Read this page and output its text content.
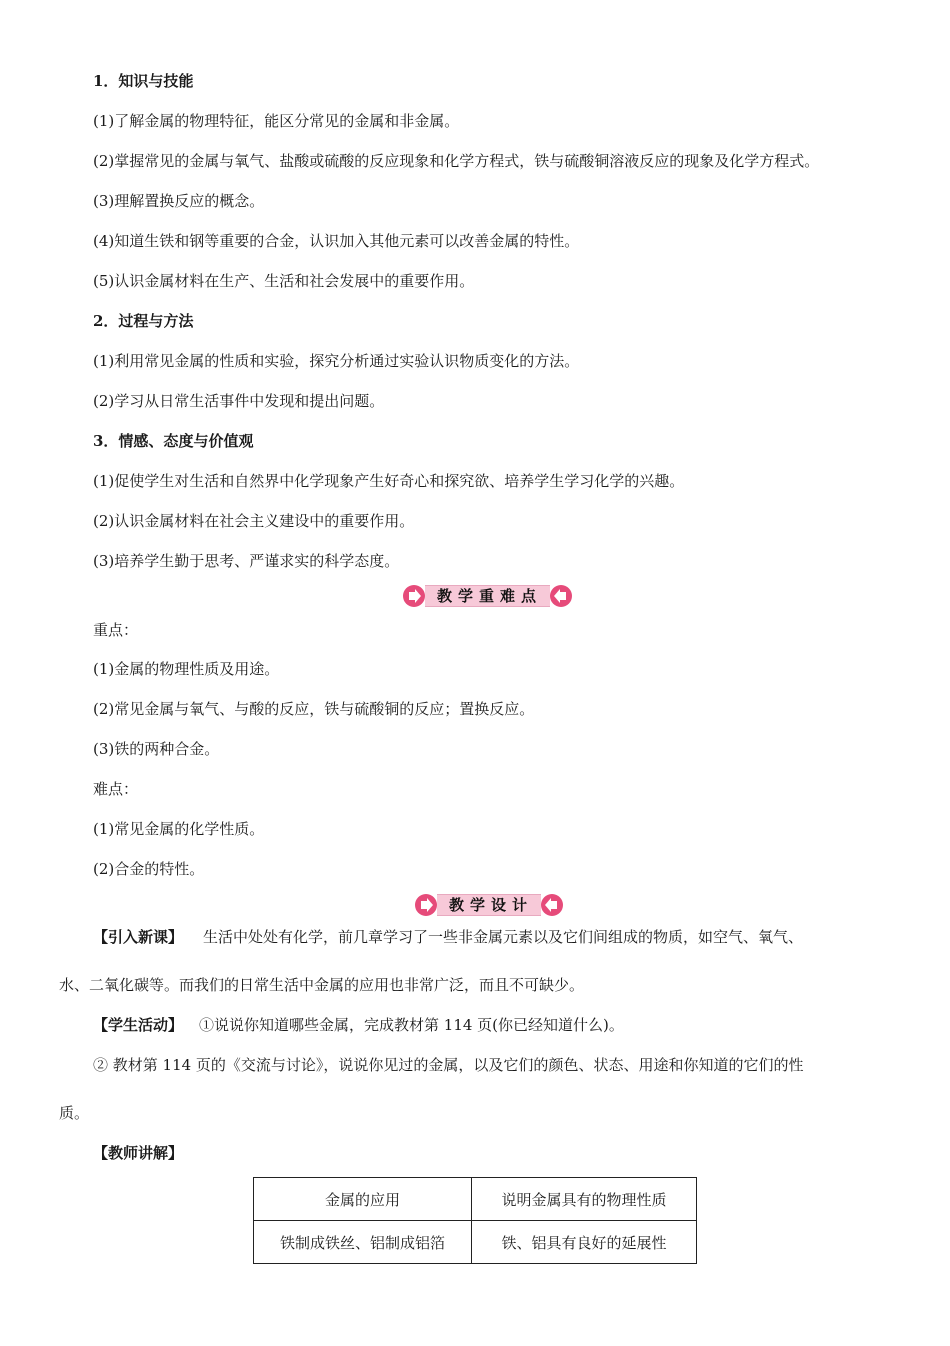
1．知识与技能
(1)了解金属的物理特征，能区分常见的金属和非金属。
(2)掌握常见的金属与氧气、盐酸或硫酸的反应现象和化学方程式，铁与硫酸铜溶液反应的现象及化学方程式。
(3)理解置换反应的概念。
(4)知道生铁和钢等重要的合金，认识加入其他元素可以改善金属的特性。
(5)认识金属材料在生产、生活和社会发展中的重要作用。
2．过程与方法
(1)利用常见金属的性质和实验，探究分析通过实验认识物质变化的方法。
(2)学习从日常生活事件中发现和提出问题。
3．情感、态度与价值观
(1)促使学生对生活和自然界中化学现象产生好奇心和探究欲、培养学生学习化学的兴趣。
(2)认识金属材料在社会主义建设中的重要作用。
(3)培养学生勤于思考、严谨求实的科学态度。
教学重难点
重点：
(1)金属的物理性质及用途。
(2)常见金属与氧气、与酸的反应，铁与硫酸铜的反应；置换反应。
(3)铁的两种合金。
难点：
(1)常见金属的化学性质。
(2)合金的特性。
教学设计
【引入新课】 生活中处处有化学，前几章学习了一些非金属元素以及它们间组成的物质，如空气、氧气、
水、二氧化碳等。而我们的日常生活中金属的应用也非常广泛，而且不可缺少。
【学生活动】 ①说说你知道哪些金属，完成教材第 114 页(你已经知道什么)。
② 教材第 114 页的《交流与讨论》，说说你见过的金属，以及它们的颜色、状态、用途和你知道的它们的性
质。
【教师讲解】
金属的应用	说明金属具有的物理性质
铁制成铁丝、铝制成铝箔	铁、铝具有良好的延展性
